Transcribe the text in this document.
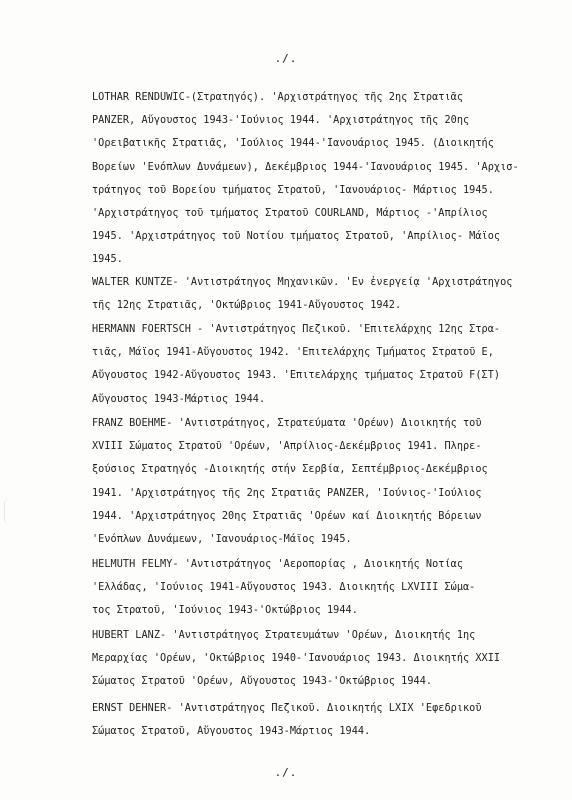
./.
LOTHAR RENDUWIC-(Στρατηγός). 'Αρχιστράτηγος τῆς 2ης Στρατιᾶς
PANZER, Αὔγουστος 1943-'Ιούνιος 1944. 'Αρχιστράτηγος τῆς 20ης
'Ορειβατικῆς Στρατιᾶς, 'Ιούλιος 1944-'Ιανουάριος 1945. (Διοικητής
Βορείων 'Ενόπλων Δυνάμεων), Δεκέμβριος 1944-'Ιανουάριος 1945. 'Αρχισ-
τράτηγος τοῦ Βορείου τμήματος Στρατοῦ, 'Ιανουάριος- Μάρτιος 1945.
'Αρχιστράτηγος τοῦ τμήματος Στρατοῦ COURLAND, Μάρτιος -'Απρίλιος
1945. 'Αρχιστράτηγος τοῦ Νοτίου τμήματος Στρατοῦ, 'Απρίλιος- Μάϊος
1945.
WALTER KUNTZE- 'Αντιστράτηγος Μηχανικῶν. 'Εν ἐνεργείᾳ 'Αρχιστράτηγος
τῆς 12ης Στρατιᾶς, 'Οκτώβριος 1941-Αὔγουστος 1942.
HERMANN FOERTSCH - 'Αντιστράτηγος Πεζικοῦ. 'Επιτελάρχης 12ης Στρα-
τιᾶς, Μάϊος 1941-Αὔγουστος 1942. 'Επιτελάρχης Τμήματος Στρατοῦ Ε,
Αὔγουστος 1942-Αὔγουστος 1943. 'Επιτελάρχης τμήματος Στρατοῦ F(ΣΤ)
Αὔγουστος 1943-Μάρτιος 1944.
FRANZ BOEHME- 'Αντιστράτηγος, Στρατεύματα 'Ορέων) Διοικητής τοῦ
XVIII Σώματος Στρατοῦ 'Ορέων, 'Απρίλιος-Δεκέμβριος 1941. Πληρε-
ξούσιος Στρατηγός -Διοικητής στήν Σερβία, Σεπτέμβριος-Δεκέμβριος
1941. 'Αρχιστράτηγος τῆς 2ης Στρατιᾶς PANZER, 'Ιούνιος-'Ιούλιος
1944. 'Αρχιστράτηγος 20ης Στρατιᾶς 'Ορέων καί Διοικητής Βόρειων
'Ενόπλων Δυνάμεων, 'Ιανουάριος-Μάϊος 1945.
HELMUTH FELMY- 'Αντιστράτηγος 'Αεροπορίας , Διοικητής Νοτίας
'Ελλάδας, 'Ιούνιος 1941-Αὔγουστος 1943. Διοικητής LXVIII Σώμα-
τος Στρατοῦ, 'Ιούνιος 1943-'Οκτώβριος 1944.
HUBERT LANZ- 'Αντιστράτηγος Στρατευμάτων 'Ορέων, Διοικητής 1ης
Μεραρχίας 'Ορέων, 'Οκτώβριος 1940-'Ιανουάριος 1943. Διοικητής XXII
Σώματος Στρατοῦ 'Ορέων, Αὔγουστος 1943-'Οκτώβριος 1944.
ERNST DEHNER- 'Αντιστράτηγος Πεζικοῦ. Διοικητής LXIX 'Εφεδρικοῦ
Σώματος Στρατοῦ, Αὔγουστος 1943-Μάρτιος 1944.
./.
